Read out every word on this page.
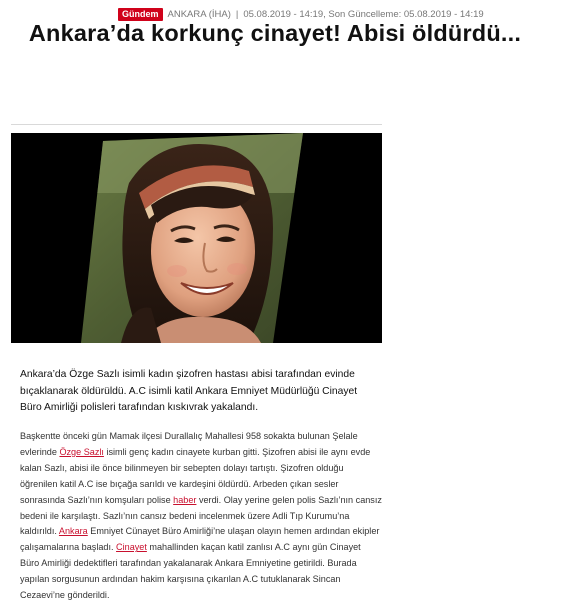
Gündem ANKARA (İHA) | 05.08.2019 - 14:19, Son Güncelleme: 05.08.2019 - 14:19
Ankara’da korkunç cinayet! Abisi öldürdü...

Ankara’da Özge Sazlı isimli kadın şizofren hastası abisi tarafından evinde bıçaklanarak öldürüldü. A.C isimli katil Ankara Emniyet Müdürlüğü Cinayet Büro Amirliği polisleri tarafından kıskıvrak yakalandı.

Başkentte önceki gün Mamak ilçesi Durallalıç Mahallesi 958 sokakta bulunan Şelale evlerinde Özge Sazlı isimli genç kadın cinayete kurban gitti. Şizofren abisi ile aynı evde kalan Sazlı, abisi ile önce bilinmeyen bir sebepten dolayı tartıştı. Şizofren olduğu öğrenilen katil A.C ise bıçağa sarıldı ve kardeşini öldürdü. Arbeden çıkan sesler sonrasında Sazlı’nın komşuları polise haber verdi. Olay yerine gelen polis Sazlı’nın cansız bedeni ile karşılaştı. Sazlı’nın cansız bedeni incelenmek üzere Adli Tıp Kurumu’na kaldırıldı. Ankara Emniyet Cünayet Büro Amirliği’ne ulaşan olayın hemen ardından ekipler çalışamalarına başladı. Cinayet mahallinden kaçan katil zanlısı A.C aynı gün Cinayet Büro Amirliği dedektifleri tarafından yakalanarak Ankara Emniyetine getirildi. Burada yapılan sorgusunun ardından hakim karşısına çıkarılan A.C tutuklanarak Sincan Cezaevi’ne gönderildi.
